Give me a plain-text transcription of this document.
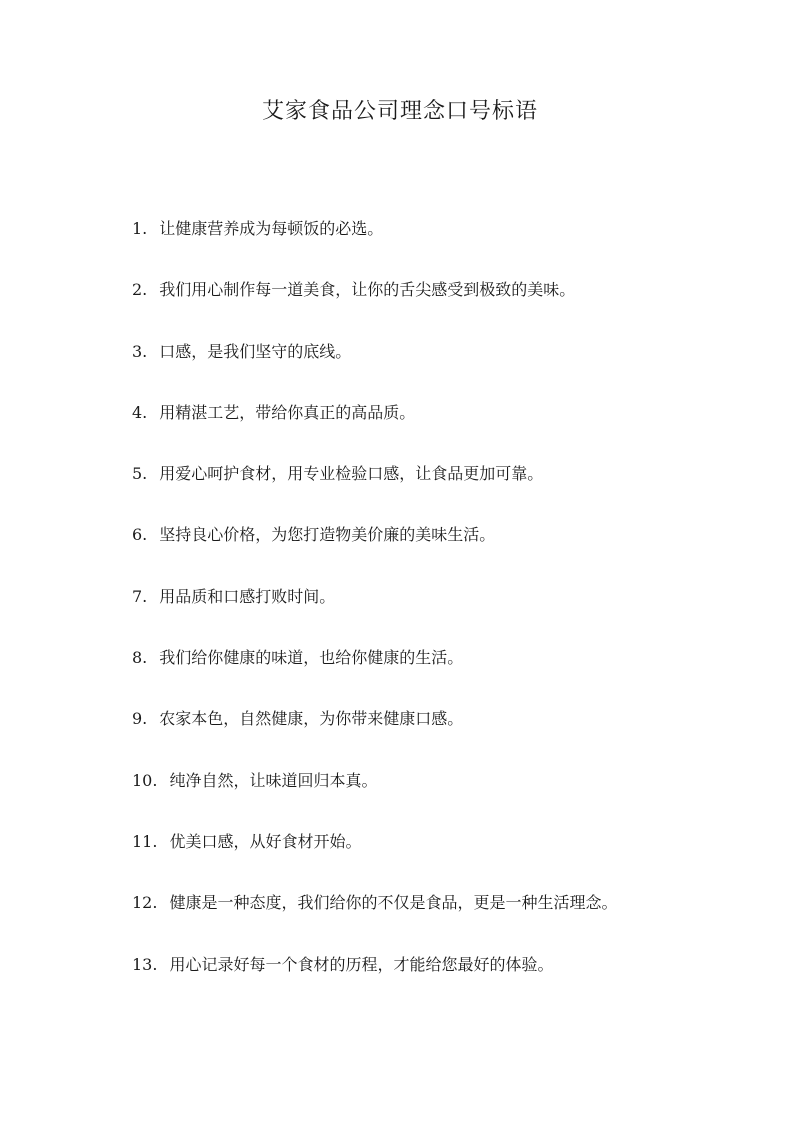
艾家食品公司理念口号标语
1. 让健康营养成为每顿饭的必选。
2. 我们用心制作每一道美食，让你的舌尖感受到极致的美味。
3. 口感，是我们坚守的底线。
4. 用精湛工艺，带给你真正的高品质。
5. 用爱心呵护食材，用专业检验口感，让食品更加可靠。
6. 坚持良心价格，为您打造物美价廉的美味生活。
7. 用品质和口感打败时间。
8. 我们给你健康的味道，也给你健康的生活。
9. 农家本色，自然健康，为你带来健康口感。
10. 纯净自然，让味道回归本真。
11. 优美口感，从好食材开始。
12. 健康是一种态度，我们给你的不仅是食品，更是一种生活理念。
13. 用心记录好每一个食材的历程，才能给您最好的体验。
